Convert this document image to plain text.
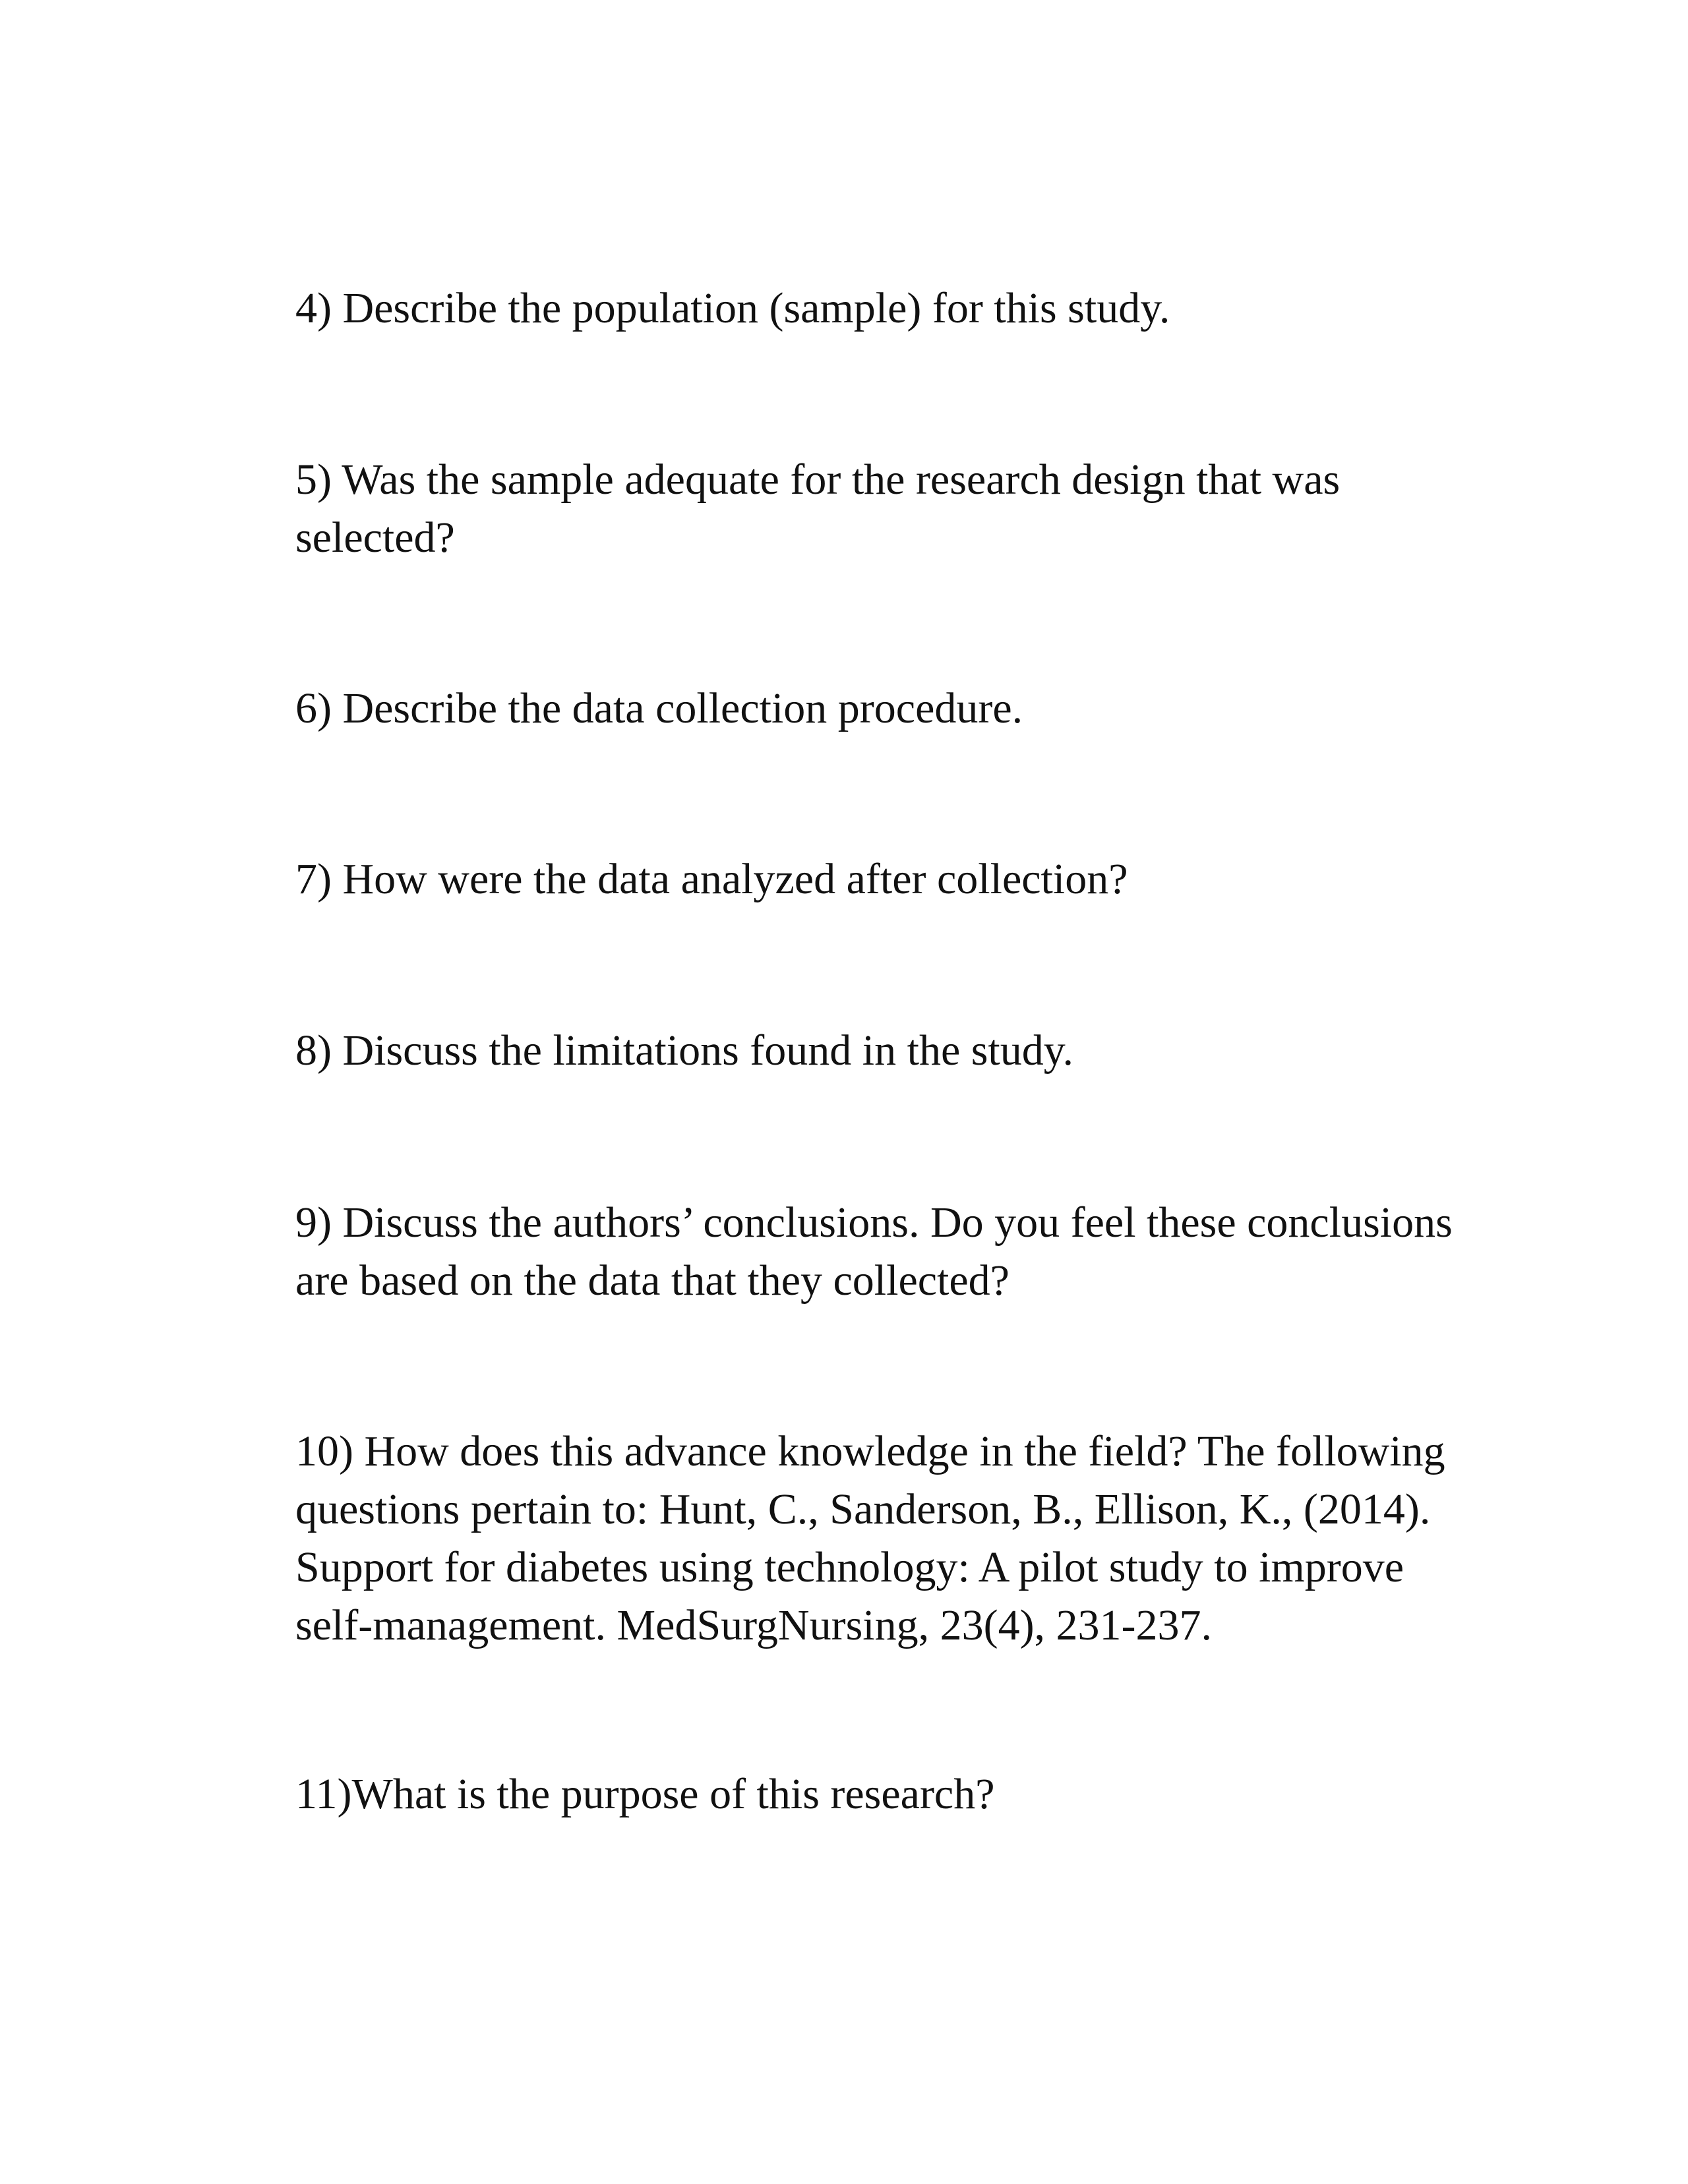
4) Describe the population (sample) for this study.

5) Was the sample adequate for the research design that was
selected?

6) Describe the data collection procedure.

7) How were the data analyzed after collection?

8) Discuss the limitations found in the study.

9) Discuss the authors’ conclusions. Do you feel these conclusions
are based on the data that they collected?

10) How does this advance knowledge in the field? The following
questions pertain to: Hunt, C., Sanderson, B., Ellison, K., (2014).
Support for diabetes using technology: A pilot study to improve
self-management. MedSurgNursing, 23(4), 231-237.

11)What is the purpose of this research?
